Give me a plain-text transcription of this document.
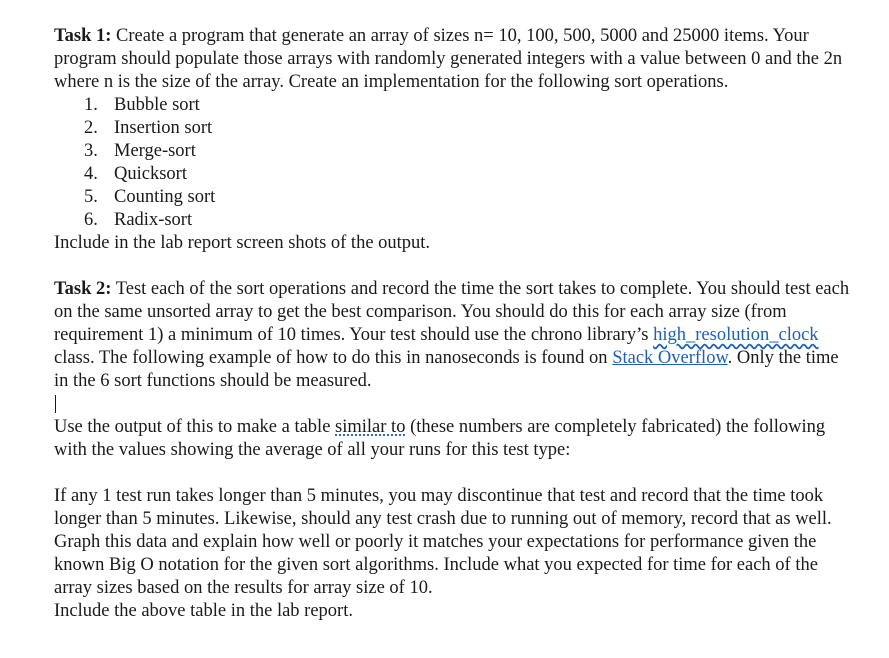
Task 1: Create a program that generate an array of sizes n= 10, 100, 500, 5000 and 25000 items. Your program should populate those arrays with randomly generated integers with a value between 0 and the 2n where n is the size of the array. Create an implementation for the following sort operations.

Bubble sort
Insertion sort
Merge-sort
Quicksort
Counting sort
Radix-sort

Include in the lab report screen shots of the output.

Task 2: Test each of the sort operations and record the time the sort takes to complete. You should test each on the same unsorted array to get the best comparison. You should do this for each array size (from requirement 1) a minimum of 10 times. Your test should use the chrono library’s high_resolution_clock class. The following example of how to do this in nanoseconds is found on Stack Overflow. Only the time in the 6 sort functions should be measured.

Use the output of this to make a table similar to (these numbers are completely fabricated) the following with the values showing the average of all your runs for this test type:

If any 1 test run takes longer than 5 minutes, you may discontinue that test and record that the time took longer than 5 minutes. Likewise, should any test crash due to running out of memory, record that as well. Graph this data and explain how well or poorly it matches your expectations for performance given the known Big O notation for the given sort algorithms. Include what you expected for time for each of the array sizes based on the results for array size of 10.

Include the above table in the lab report.
